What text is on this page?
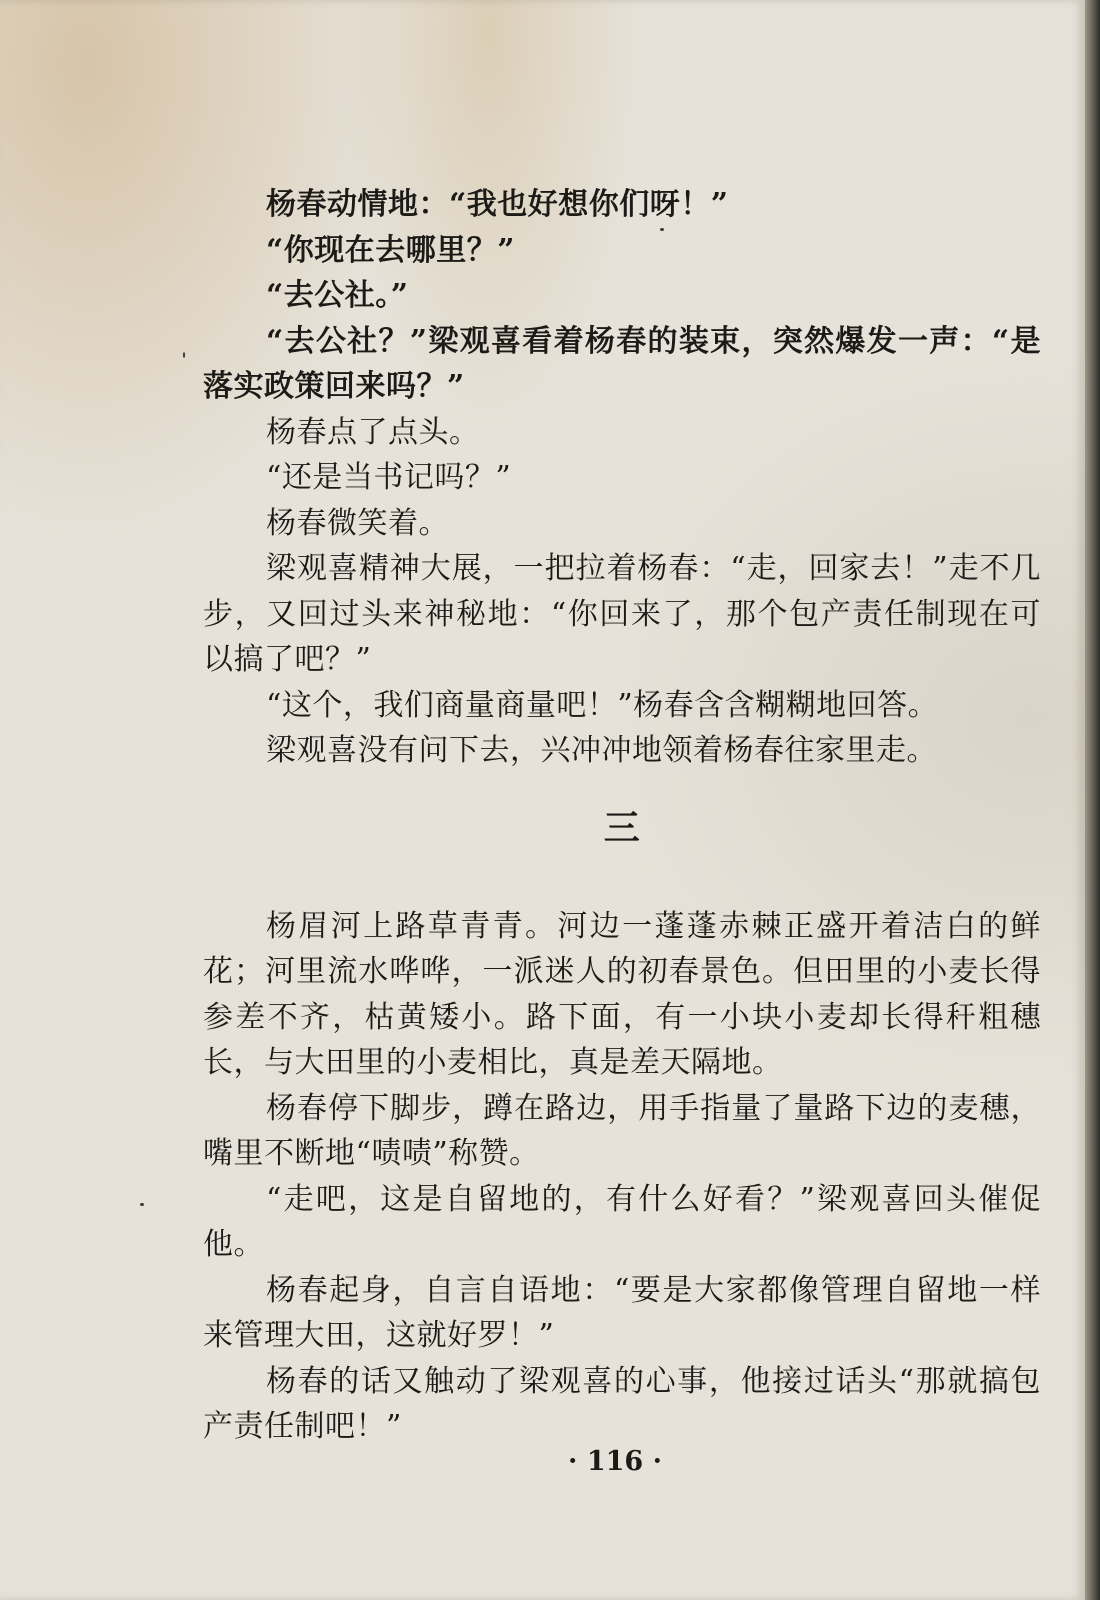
杨春动情地：“我也好想你们呀！”

“你现在去哪里？”

“去公社。”

“去公社？”梁观喜看着杨春的装束，突然爆发一声：“是落实政策回来吗？”

杨春点了点头。

“还是当书记吗？”

杨春微笑着。

梁观喜精神大展，一把拉着杨春：“走，回家去！”走不几步，又回过头来神秘地：“你回来了，那个包产责任制现在可以搞了吧？”

“这个，我们商量商量吧！”杨春含含糊糊地回答。

梁观喜没有问下去，兴冲冲地领着杨春往家里走。

三

杨眉河上路草青青。河边一蓬蓬赤棘正盛开着洁白的鲜花；河里流水哗哗，一派迷人的初春景色。但田里的小麦长得参差不齐，枯黄矮小。路下面，有一小块小麦却长得秆粗穗长，与大田里的小麦相比，真是差天隔地。

杨春停下脚步，蹲在路边，用手指量了量路下边的麦穗，嘴里不断地“啧啧”称赞。

“走吧，这是自留地的，有什么好看？”梁观喜回头催促他。

杨春起身，自言自语地：“要是大家都像管理自留地一样来管理大田，这就好罗！”

杨春的话又触动了梁观喜的心事，他接过话头“那就搞包产责任制吧！”

· 116 ·
